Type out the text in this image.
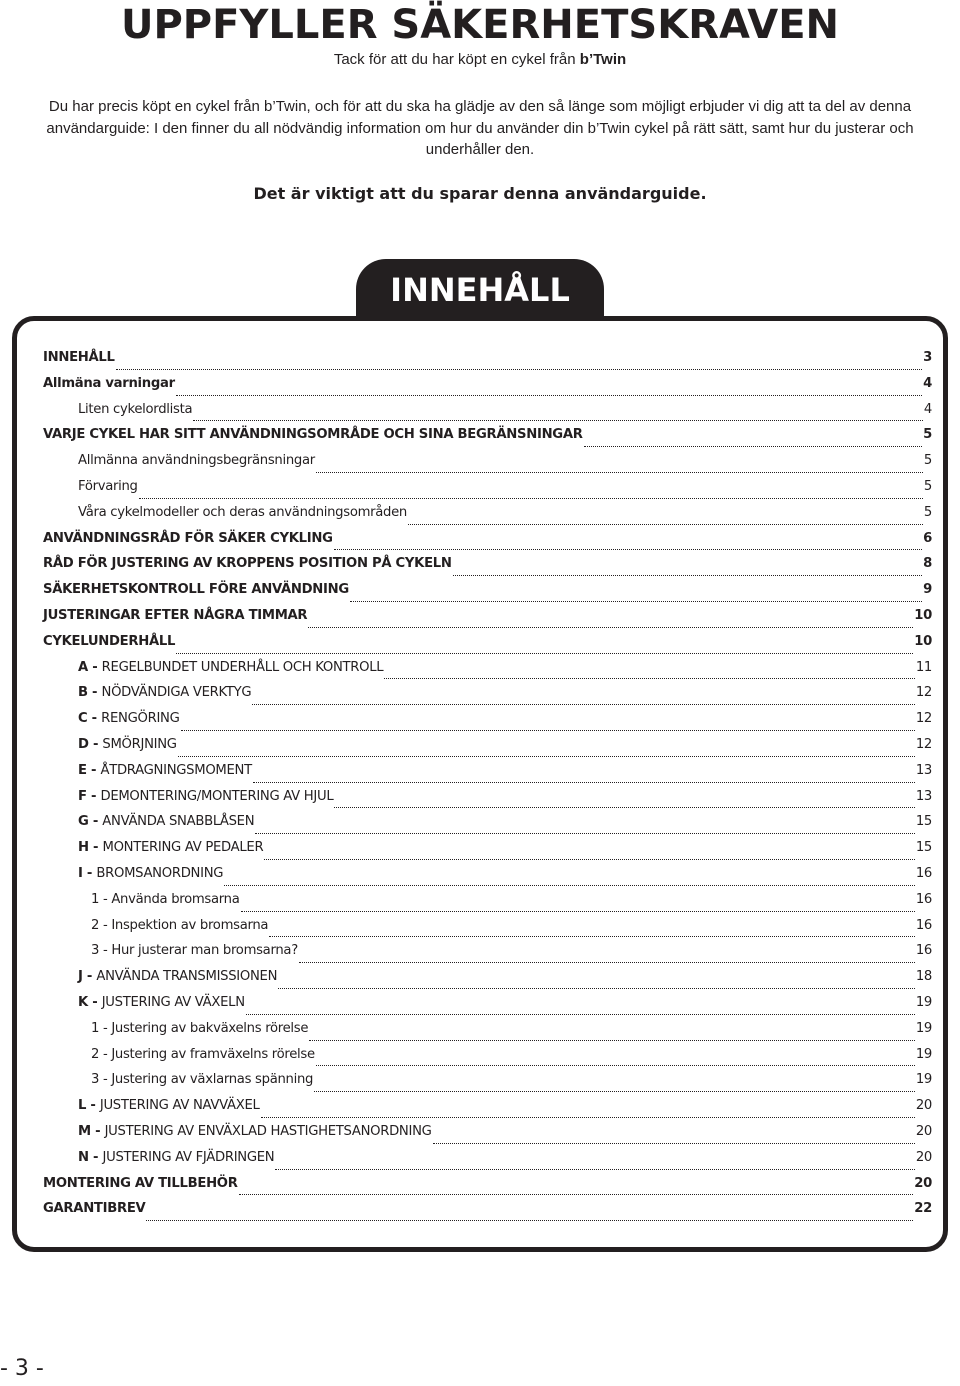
UPPFYLLER SÄKERHETSKRAVEN
Tack för att du har köpt en cykel från b’Twin
Du har precis köpt en cykel från b’Twin, och för att du ska ha glädje av den så länge som möjligt erbjuder vi dig att ta del av denna användarguide: I den finner du all nödvändig information om hur du använder din b’Twin cykel på rätt sätt, samt hur du justerar och underhåller den.
Det är viktigt att du sparar denna användarguide.
INNEHÅLL
INNEHÅLL	3
Allmäna varningar	4
Liten cykelordlista	4
VARJE CYKEL HAR SITT ANVÄNDNINGSOMRÅDE OCH SINA BEGRÄNSNINGAR	5
Allmänna användningsbegränsningar	5
Förvaring	5
Våra cykelmodeller och deras användningsområden	5
ANVÄNDNINGSRÅD FÖR SÄKER CYKLING	6
RÅD FÖR JUSTERING AV KROPPENS POSITION PÅ CYKELN	8
SÄKERHETSKONTROLL FÖRE ANVÄNDNING	9
JUSTERINGAR EFTER NÅGRA TIMMAR	10
CYKELUNDERHÅLL	10
A - REGELBUNDET UNDERHÅLL OCH KONTROLL	11
B - NÖDVÄNDIGA VERKTYG	12
C - RENGÖRING	12
D - SMÖRJNING	12
E - ÅTDRAGNINGSMOMENT	13
F - DEMONTERING/MONTERING AV HJUL	13
G - ANVÄNDA SNABBLÅSEN	15
H - MONTERING AV PEDALER	15
I - BROMSANORDNING	16
1 - Använda bromsarna	16
2 - Inspektion av bromsarna	16
3 - Hur justerar man bromsarna?	16
J - ANVÄNDA TRANSMISSIONEN	18
K - JUSTERING AV VÄXELN	19
1 - Justering av bakväxelns rörelse	19
2 - Justering av framväxelns rörelse	19
3 - Justering av växlarnas spänning	19
L - JUSTERING AV NAVVÄXEL	20
M - JUSTERING AV ENVÄXLAD HASTIGHETSANORDNING	20
N - JUSTERING AV FJÄDRINGEN	20
MONTERING AV TILLBEHÖR	20
GARANTIBREV	22
- 3 -
